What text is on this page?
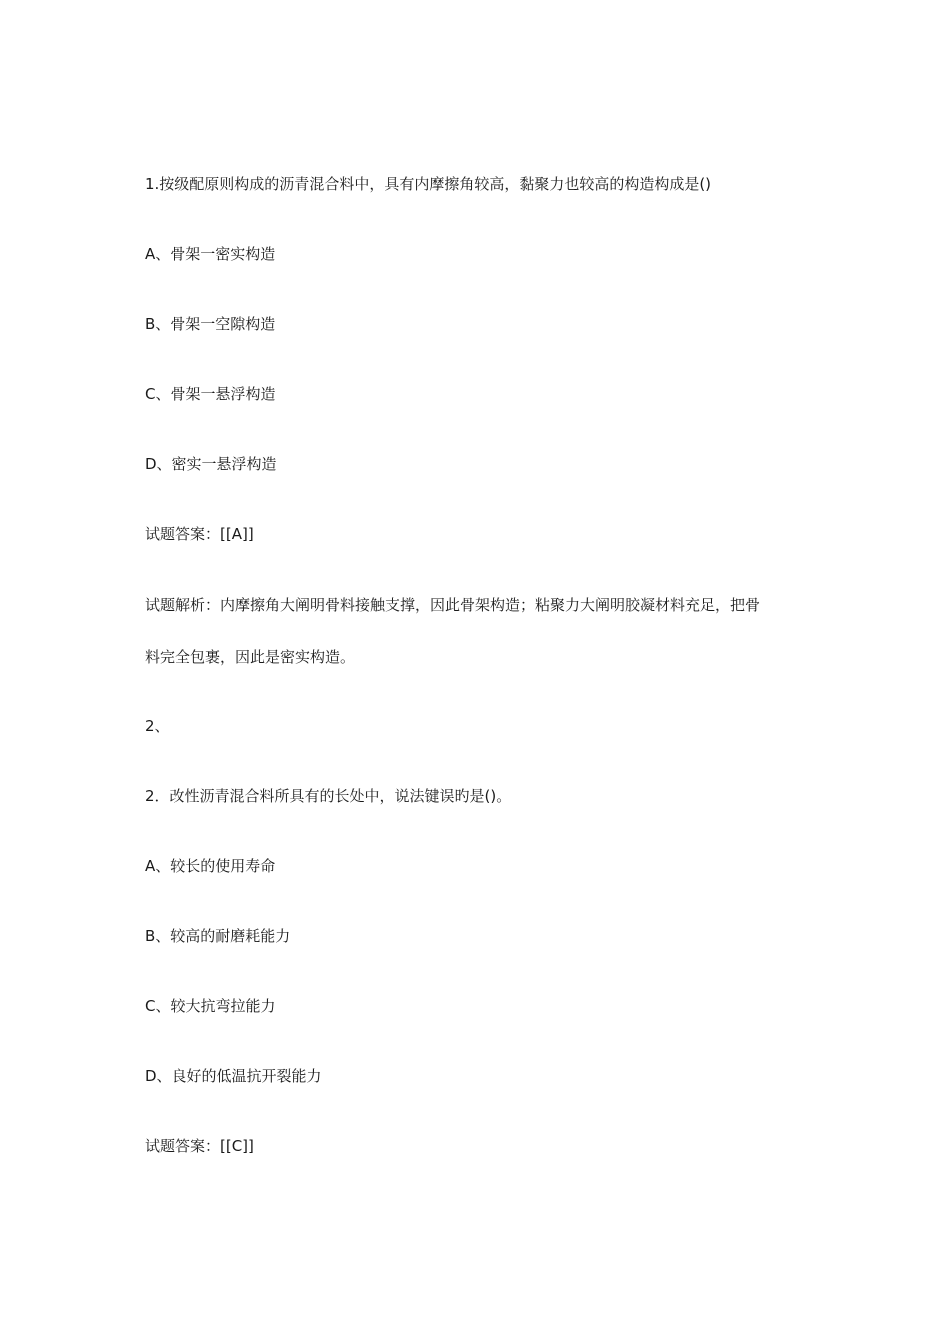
1.按级配原则构成的沥青混合料中，具有内摩擦角较高，黏聚力也较高的构造构成是()
A、骨架一密实构造
B、骨架一空隙构造
C、骨架一悬浮构造
D、密实一悬浮构造
试题答案：[[A]]
试题解析：内摩擦角大阐明骨料接触支撑，因此骨架构造；粘聚力大阐明胶凝材料充足，把骨
料完全包裹，因此是密实构造。
2、
2．改性沥青混合料所具有的长处中，说法键误旳是()。
A、较长的使用寿命
B、较高的耐磨耗能力
C、较大抗弯拉能力
D、良好的低温抗开裂能力
试题答案：[[C]]
